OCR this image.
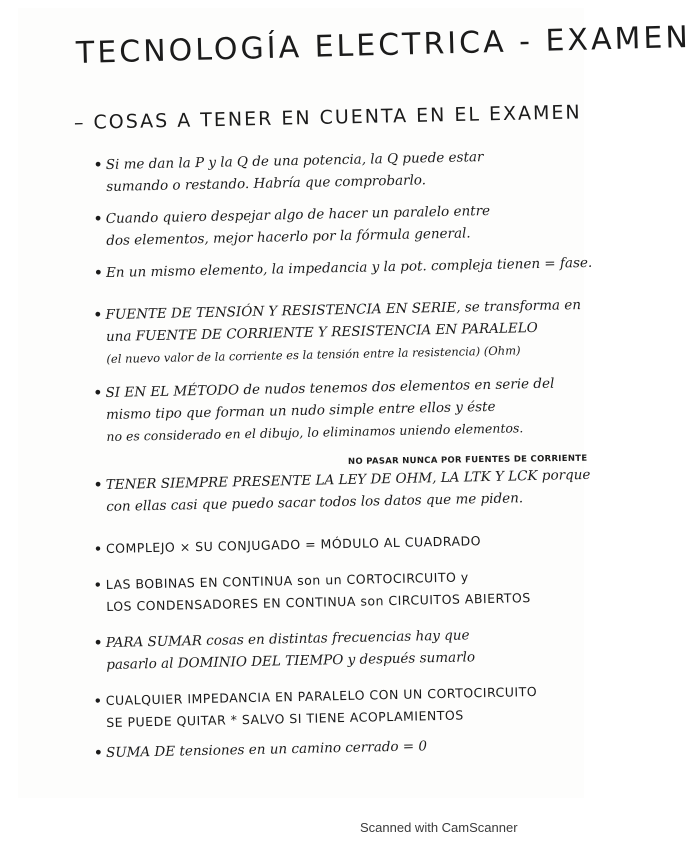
TECNOLOGÍA ELECTRICA - EXAMEN
– COSAS A TENER EN CUENTA EN EL EXAMEN
• Si me dan la P y la Q de una potencia, la Q puede estar
sumando o restando. Habría que comprobarlo.
• Cuando quiero despejar algo de hacer un paralelo entre
dos elementos, mejor hacerlo por la fórmula general.
• En un mismo elemento, la impedancia y la pot. compleja tienen = fase.
• FUENTE DE TENSIÓN Y RESISTENCIA EN SERIE, se transforma en
una FUENTE DE CORRIENTE Y RESISTENCIA EN PARALELO
(el nuevo valor de la corriente es la tensión entre la resistencia) (Ohm)
• SI EN EL MÉTODO de nudos tenemos dos elementos en serie del
mismo tipo que forman un nudo simple entre ellos y éste
no es considerado en el dibujo, lo eliminamos uniendo elementos.
NO PASAR NUNCA POR FUENTES DE CORRIENTE
• TENER SIEMPRE PRESENTE LA LEY DE OHM, LA LTK Y LCK porque
con ellas casi que puedo sacar todos los datos que me piden.
• COMPLEJO × SU CONJUGADO = MÓDULO AL CUADRADO
• LAS BOBINAS EN CONTINUA son un CORTOCIRCUITO y
LOS CONDENSADORES EN CONTINUA son CIRCUITOS ABIERTOS
• PARA SUMAR cosas en distintas frecuencias hay que
pasarlo al DOMINIO DEL TIEMPO y después sumarlo
• CUALQUIER IMPEDANCIA EN PARALELO CON UN CORTOCIRCUITO
SE PUEDE QUITAR * SALVO SI TIENE ACOPLAMIENTOS
• SUMA DE tensiones en un camino cerrado = 0
Scanned with CamScanner
